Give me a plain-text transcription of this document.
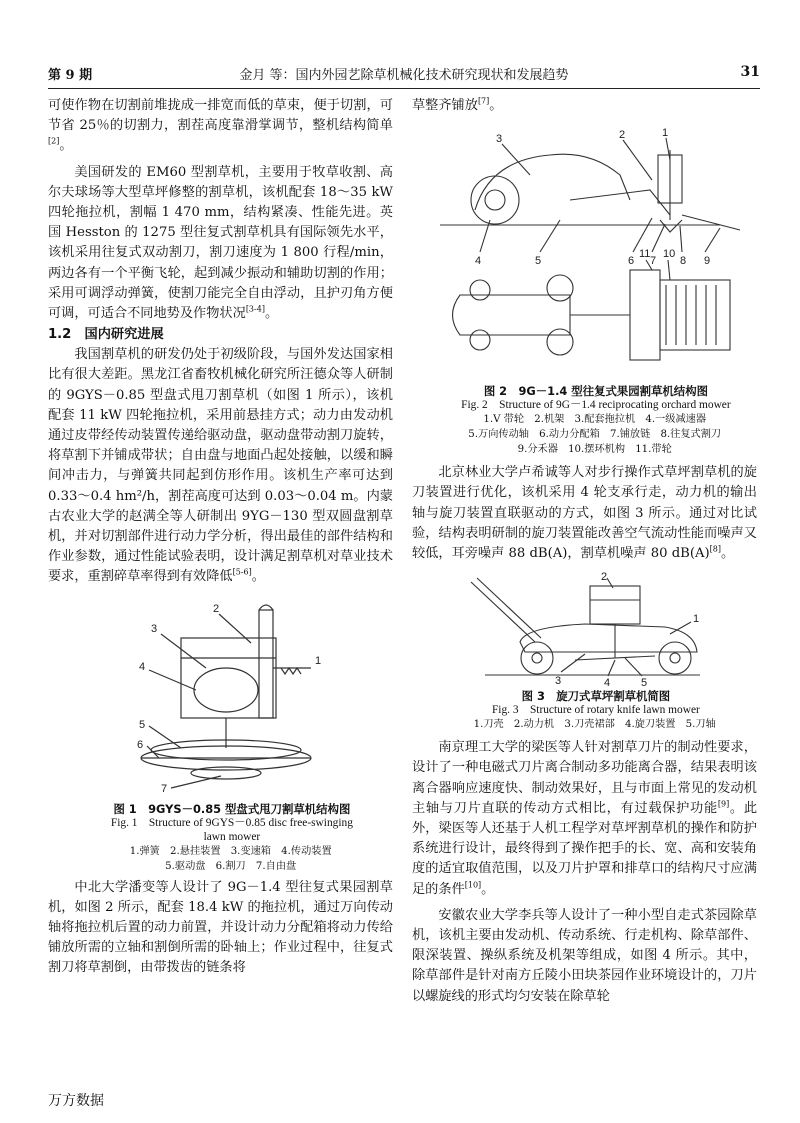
第 9 期	金月 等：国内外园艺除草机械化技术研究现状和发展趋势	31

可使作物在切割前堆拢成一排宽而低的草束，便于切割，可节省 25％的切割力，割茬高度靠滑掌调节，整机结构简单[2]。

美国研发的 EM60 型割草机，主要用于牧草收割、高尔夫球场等大型草坪修整的割草机，该机配套 18～35 kW 四轮拖拉机，割幅 1 470 mm，结构紧凑、性能先进。英国 Hesston 的 1275 型往复式割草机具有国际领先水平，该机采用往复式双动割刀，割刀速度为 1 800 行程/min，两边各有一个平衡飞轮，起到减少振动和辅助切割的作用；采用可调浮动弹簧，使割刀能完全自由浮动，且护刃角方便可调，可适合不同地势及作物状况[3-4]。

1.2　国内研究进展

我国割草机的研发仍处于初级阶段，与国外发达国家相比有很大差距。黑龙江省畜牧机械化研究所汪德众等人研制的 9GYS－0.85 型盘式甩刀割草机（如图 1 所示），该机配套 11 kW 四轮拖拉机，采用前悬挂方式；动力由发动机通过皮带经传动装置传递给驱动盘，驱动盘带动割刀旋转，将草割下并铺成带状；自由盘与地面凸起处接触，以缓和瞬间冲击力，与弹簧共同起到仿形作用。该机生产率可达到 0.33～0.4 hm²/h，割茬高度可达到 0.03～0.04 m。内蒙古农业大学的赵满全等人研制出 9YG－130 型双圆盘割草机，并对切割部件进行动力学分析，得出最佳的部件结构和作业参数，通过性能试验表明，设计满足割草机对草业技术要求，重割碎草率得到有效降低[5-6]。

1
2
3
4
5
6
7

图 1　9GYS－0.85 型盘式甩刀割草机结构图

Fig. 1　Structure of 9GYS－0.85 disc free-swinging

lawn mower

1.弹簧　2.悬挂装置　3.变速箱　4.传动装置

5.驱动盘　6.割刀　7.自由盘

中北大学潘变等人设计了 9G－1.4 型往复式果园割草机，如图 2 所示，配套 18.4 kW 的拖拉机，通过万向传动轴将拖拉机后置的动力前置，并设计动力分配箱将动力传给铺放所需的立轴和割倒所需的卧轴上；作业过程中，往复式割刀将草割倒，由带拨齿的链条将

草整齐铺放[7]。

3	2	1
4	5	6 7 8 9
11 10

图 2　9G－1.4 型往复式果园割草机结构图

Fig. 2　Structure of 9G－1.4 reciprocating orchard mower

1.V 带轮　2.机架　3.配套拖拉机　4.一级减速器

5.万向传动轴　6.动力分配箱　7.铺放链　8.往复式割刀

9.分禾器　10.摆环机构　11.带轮

北京林业大学卢希诚等人对步行操作式草坪割草机的旋刀装置进行优化，该机采用 4 轮支承行走，动力机的输出轴与旋刀装置直联驱动的方式，如图 3 所示。通过对比试验，结构表明研制的旋刀装置能改善空气流动性能而噪声又较低，耳旁噪声 88 dB(A)，割草机噪声 80 dB(A)[8]。

2
1
3	4	5

图 3　旋刀式草坪割草机简图

Fig. 3　Structure of rotary knife lawn mower

1.刀壳　2.动力机　3.刀壳裙部　4.旋刀装置　5.刀轴

南京理工大学的梁医等人针对割草刀片的制动性要求，设计了一种电磁式刀片离合制动多功能离合器，结果表明该离合器响应速度快、制动效果好，且与市面上常见的发动机主轴与刀片直联的传动方式相比，有过载保护功能[9]。此外，梁医等人还基于人机工程学对草坪割草机的操作和防护系统进行设计，最终得到了操作把手的长、宽、高和安装角度的适宜取值范围，以及刀片护罩和排草口的结构尺寸应满足的条件[10]。

安徽农业大学李兵等人设计了一种小型自走式茶园除草机，该机主要由发动机、传动系统、行走机构、除草部件、限深装置、操纵系统及机架等组成，如图 4 所示。其中，除草部件是针对南方丘陵小田块茶园作业环境设计的，刀片以螺旋线的形式均匀安装在除草轮

万方数据
